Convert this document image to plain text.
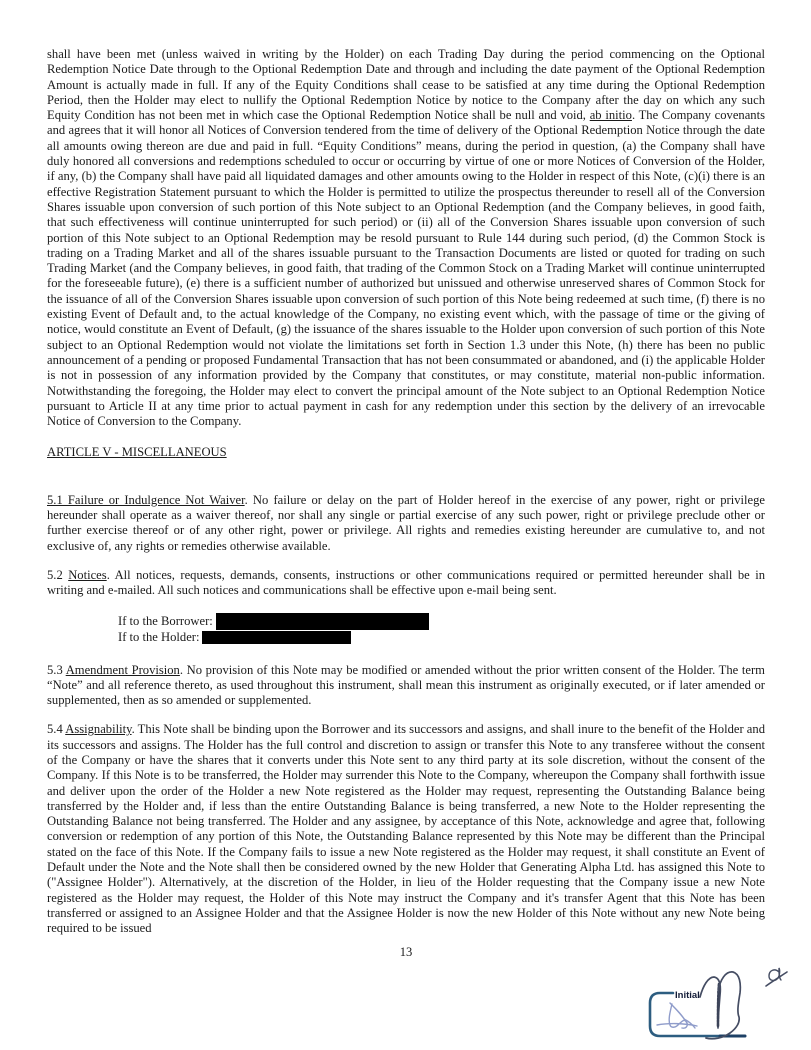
shall have been met (unless waived in writing by the Holder) on each Trading Day during the period commencing on the Optional Redemption Notice Date through to the Optional Redemption Date and through and including the date payment of the Optional Redemption Amount is actually made in full. If any of the Equity Conditions shall cease to be satisfied at any time during the Optional Redemption Period, then the Holder may elect to nullify the Optional Redemption Notice by notice to the Company after the day on which any such Equity Condition has not been met in which case the Optional Redemption Notice shall be null and void, ab initio. The Company covenants and agrees that it will honor all Notices of Conversion tendered from the time of delivery of the Optional Redemption Notice through the date all amounts owing thereon are due and paid in full. “Equity Conditions” means, during the period in question, (a) the Company shall have duly honored all conversions and redemptions scheduled to occur or occurring by virtue of one or more Notices of Conversion of the Holder, if any, (b) the Company shall have paid all liquidated damages and other amounts owing to the Holder in respect of this Note, (c)(i) there is an effective Registration Statement pursuant to which the Holder is permitted to utilize the prospectus thereunder to resell all of the Conversion Shares issuable upon conversion of such portion of this Note subject to an Optional Redemption (and the Company believes, in good faith, that such effectiveness will continue uninterrupted for such period) or (ii) all of the Conversion Shares issuable upon conversion of such portion of this Note subject to an Optional Redemption may be resold pursuant to Rule 144 during such period, (d) the Common Stock is trading on a Trading Market and all of the shares issuable pursuant to the Transaction Documents are listed or quoted for trading on such Trading Market (and the Company believes, in good faith, that trading of the Common Stock on a Trading Market will continue uninterrupted for the foreseeable future), (e) there is a sufficient number of authorized but unissued and otherwise unreserved shares of Common Stock for the issuance of all of the Conversion Shares issuable upon conversion of such portion of this Note being redeemed at such time, (f) there is no existing Event of Default and, to the actual knowledge of the Company, no existing event which, with the passage of time or the giving of notice, would constitute an Event of Default, (g) the issuance of the shares issuable to the Holder upon conversion of such portion of this Note subject to an Optional Redemption would not violate the limitations set forth in Section 1.3 under this Note, (h) there has been no public announcement of a pending or proposed Fundamental Transaction that has not been consummated or abandoned, and (i) the applicable Holder is not in possession of any information provided by the Company that constitutes, or may constitute, material non-public information. Notwithstanding the foregoing, the Holder may elect to convert the principal amount of the Note subject to an Optional Redemption Notice pursuant to Article II at any time prior to actual payment in cash for any redemption under this section by the delivery of an irrevocable Notice of Conversion to the Company.

ARTICLE V - MISCELLANEOUS

5.1 Failure or Indulgence Not Waiver. No failure or delay on the part of Holder hereof in the exercise of any power, right or privilege hereunder shall operate as a waiver thereof, nor shall any single or partial exercise of any such power, right or privilege preclude other or further exercise thereof or of any other right, power or privilege. All rights and remedies existing hereunder are cumulative to, and not exclusive of, any rights or remedies otherwise available.

5.2 Notices. All notices, requests, demands, consents, instructions or other communications required or permitted hereunder shall be in writing and e-mailed. All such notices and communications shall be effective upon e-mail being sent.

If to the Borrower:
If to the Holder:

5.3 Amendment Provision. No provision of this Note may be modified or amended without the prior written consent of the Holder. The term “Note” and all reference thereto, as used throughout this instrument, shall mean this instrument as originally executed, or if later amended or supplemented, then as so amended or supplemented.

5.4 Assignability. This Note shall be binding upon the Borrower and its successors and assigns, and shall inure to the benefit of the Holder and its successors and assigns. The Holder has the full control and discretion to assign or transfer this Note to any transferee without the consent of the Company or have the shares that it converts under this Note sent to any third party at its sole discretion, without the consent of the Company. If this Note is to be transferred, the Holder may surrender this Note to the Company, whereupon the Company shall forthwith issue and deliver upon the order of the Holder a new Note registered as the Holder may request, representing the Outstanding Balance being transferred by the Holder and, if less than the entire Outstanding Balance is being transferred, a new Note to the Holder representing the Outstanding Balance not being transferred. The Holder and any assignee, by acceptance of this Note, acknowledge and agree that, following conversion or redemption of any portion of this Note, the Outstanding Balance represented by this Note may be different than the Principal stated on the face of this Note. If the Company fails to issue a new Note registered as the Holder may request, it shall constitute an Event of Default under the Note and the Note shall then be considered owned by the new Holder that Generating Alpha Ltd. has assigned this Note to ("Assignee Holder"). Alternatively, at the discretion of the Holder, in lieu of the Holder requesting that the Company issue a new Note registered as the Holder may request, the Holder of this Note may instruct the Company and it's transfer Agent that this Note has been transferred or assigned to an Assignee Holder and that the Assignee Holder is now the new Holder of this Note without any new Note being required to be issued

13
Initial
